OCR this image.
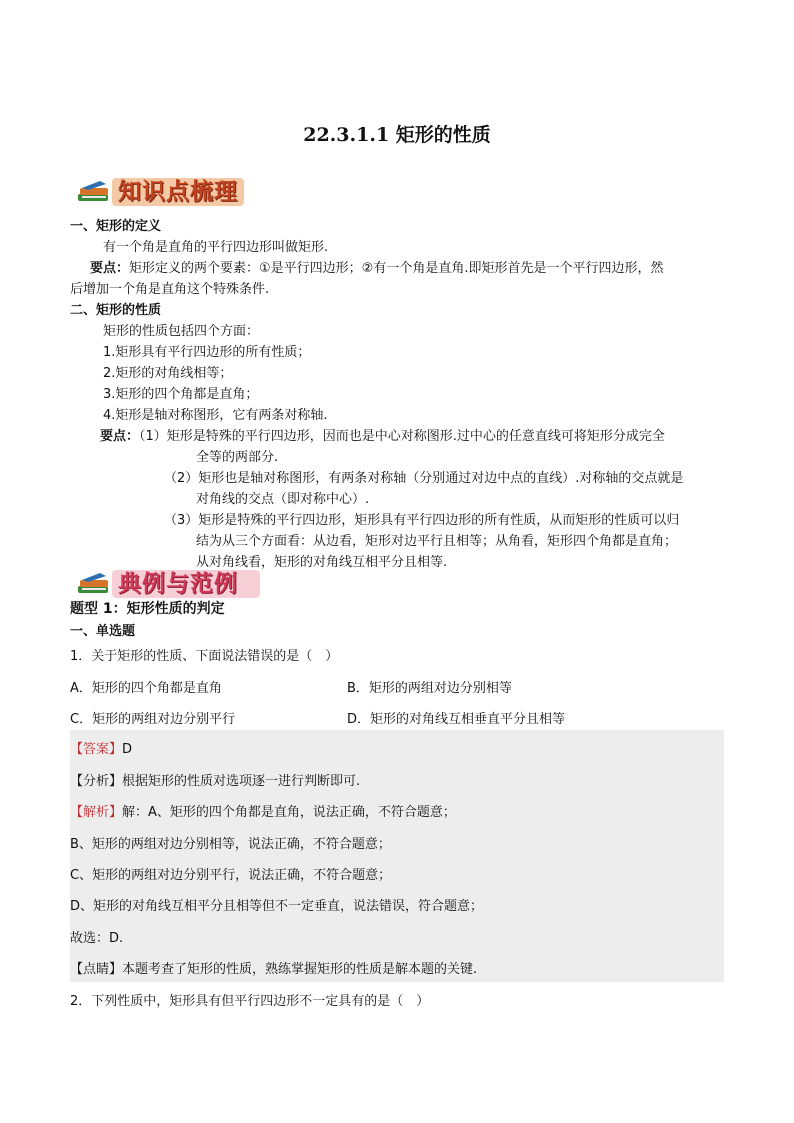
22.3.1.1 矩形的性质
知识点梳理
一、矩形的定义
有一个角是直角的平行四边形叫做矩形.
要点：矩形定义的两个要素：①是平行四边形；②有一个角是直角.即矩形首先是一个平行四边形，然
后增加一个角是直角这个特殊条件.
二、矩形的性质
矩形的性质包括四个方面：
1.矩形具有平行四边形的所有性质；
2.矩形的对角线相等；
3.矩形的四个角都是直角；
4.矩形是轴对称图形，它有两条对称轴.
要点：（1）矩形是特殊的平行四边形，因而也是中心对称图形.过中心的任意直线可将矩形分成完全
全等的两部分.
（2）矩形也是轴对称图形，有两条对称轴（分别通过对边中点的直线）.对称轴的交点就是
对角线的交点（即对称中心）.
（3）矩形是特殊的平行四边形，矩形具有平行四边形的所有性质，从而矩形的性质可以归
结为从三个方面看：从边看，矩形对边平行且相等；从角看，矩形四个角都是直角；
从对角线看，矩形的对角线互相平分且相等.
典例与范例
题型 1：矩形性质的判定
一、单选题
1．关于矩形的性质、下面说法错误的是（　）
A．矩形的四个角都是直角	B．矩形的两组对边分别相等
C．矩形的两组对边分别平行	D．矩形的对角线互相垂直平分且相等
【答案】D
【分析】根据矩形的性质对选项逐一进行判断即可.
【解析】解：A、矩形的四个角都是直角，说法正确，不符合题意；
B、矩形的两组对边分别相等，说法正确，不符合题意；
C、矩形的两组对边分别平行，说法正确，不符合题意；
D、矩形的对角线互相平分且相等但不一定垂直，说法错误，符合题意；
故选：D.
【点睛】本题考查了矩形的性质，熟练掌握矩形的性质是解本题的关键.
2．下列性质中，矩形具有但平行四边形不一定具有的是（　）
